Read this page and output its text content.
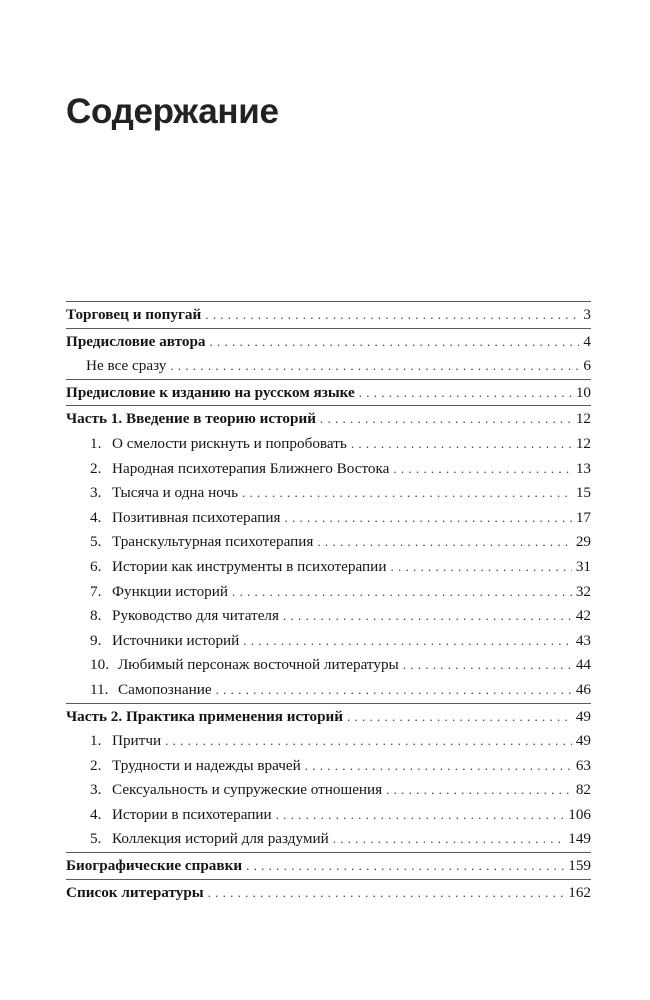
Содержание
Торговец и попугай . . .	3
Предисловие автора . . .	4
Не все сразу . . .	6
Предисловие к изданию на русском языке . . .	10
Часть 1. Введение в теорию историй . . .	12
1. О смелости рискнуть и попробовать . . .	12
2. Народная психотерапия Ближнего Востока . . .	13
3. Тысяча и одна ночь . . .	15
4. Позитивная психотерапия . . .	17
5. Транскультурная психотерапия . . .	29
6. Истории как инструменты в психотерапии . . .	31
7. Функции историй . . .	32
8. Руководство для читателя . . .	42
9. Источники историй . . .	43
10. Любимый персонаж восточной литературы . . .	44
11. Самопознание . . .	46
Часть 2. Практика применения историй . . .	49
1. Притчи . . .	49
2. Трудности и надежды врачей . . .	63
3. Сексуальность и супружеские отношения . . .	82
4. Истории в психотерапии . . .	106
5. Коллекция историй для раздумий . . .	149
Биографические справки . . .	159
Список литературы . . .	162
